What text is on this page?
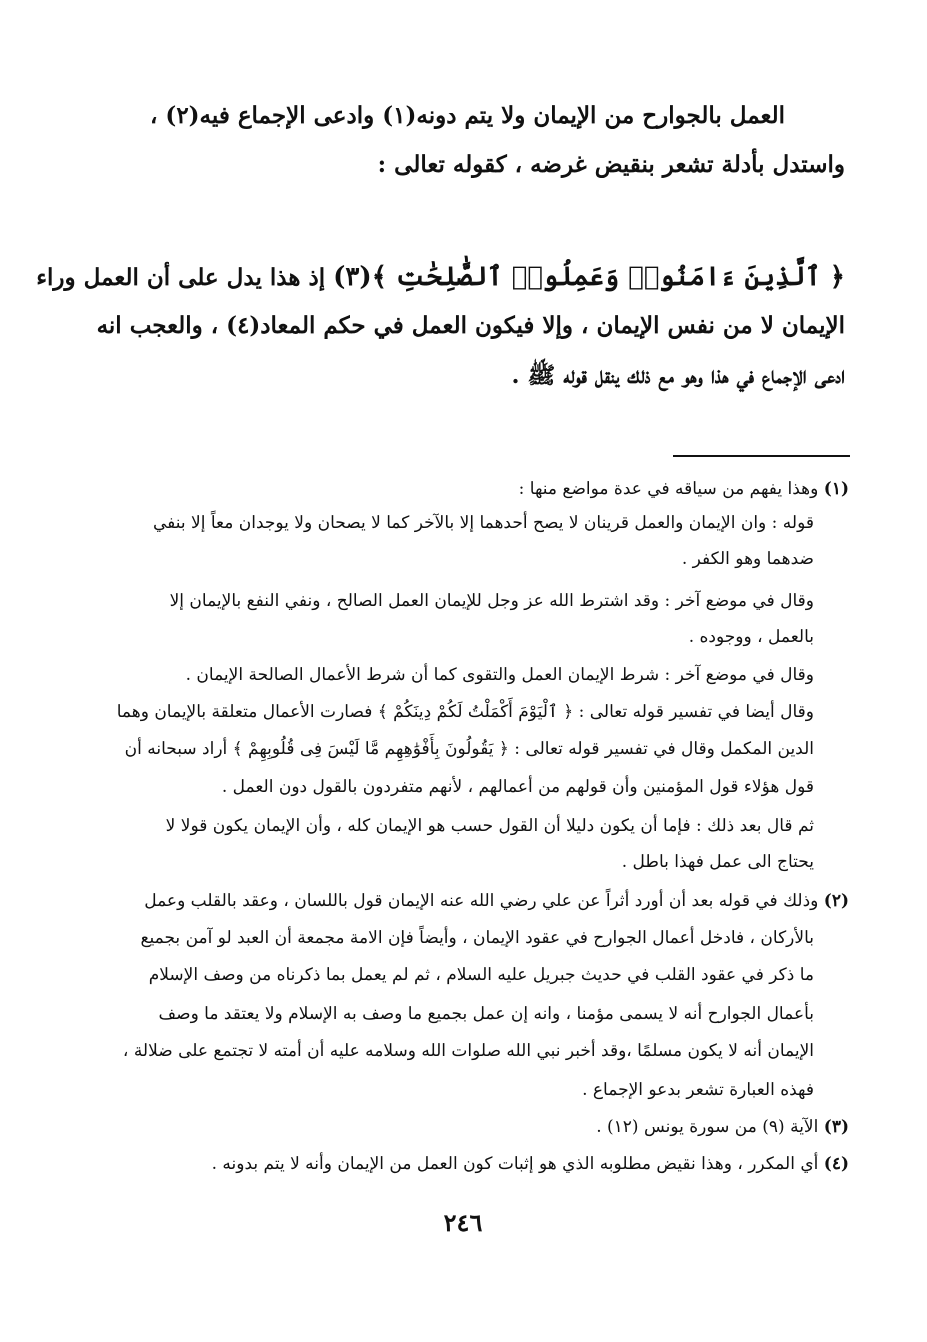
العمل بالجوارح من الإيمان ولا يتم دونه(١) وادعى الإجماع فيه(٢) ،
واستدل بأدلة تشعر بنقيض غرضه ، كقوله تعالى :
﴿ ٱلَّذِينَ ءَامَنُوا۟ وَعَمِلُوا۟ ٱلصَّٰلِحَٰتِ ﴾(٣) إذ هذا يدل على أن العمل وراء
الإيمان لا من نفس الإيمان ، وإلا فيكون العمل في حكم المعاد(٤) ، والعجب انه
ادعى الإجماع في هذا وهو مع ذلك ينقل قوله ﷺ .
(١) وهذا يفهم من سياقه في عدة مواضع منها :
قوله : وان الإيمان والعمل قرينان لا يصح أحدهما إلا بالآخر كما لا يصحان ولا يوجدان معاً إلا بنفي
ضدهما وهو الكفر .
وقال في موضع آخر : وقد اشترط الله عز وجل للإيمان العمل الصالح ، ونفي النفع بالإيمان إلا
بالعمل ، ووجوده .
وقال في موضع آخر : شرط الإيمان العمل والتقوى كما أن شرط الأعمال الصالحة الإيمان .
وقال أيضا في تفسير قوله تعالى : ﴿ ٱلْيَوْمَ أَكْمَلْتُ لَكُمْ دِينَكُمْ ﴾ فصارت الأعمال متعلقة بالإيمان وهما
الدين المكمل وقال في تفسير قوله تعالى : ﴿ يَقُولُونَ بِأَفْوَٰهِهِم مَّا لَيْسَ فِى قُلُوبِهِمْ ﴾ أراد سبحانه أن
قول هؤلاء قول المؤمنين وأن قولهم من أعمالهم ، لأنهم متفردون بالقول دون العمل .
ثم قال بعد ذلك : فإما أن يكون دليلا أن القول حسب هو الإيمان كله ، وأن الإيمان يكون قولا لا
يحتاج الى عمل فهذا باطل .
(٢) وذلك في قوله بعد أن أورد أثراً عن علي رضي الله عنه الإيمان قول باللسان ، وعقد بالقلب وعمل
بالأركان ، فادخل أعمال الجوارح في عقود الإيمان ، وأيضاً فإن الامة مجمعة أن العبد لو آمن بجميع
ما ذكر في عقود القلب في حديث جبريل عليه السلام ، ثم لم يعمل بما ذكرناه من وصف الإسلام
بأعمال الجوارح أنه لا يسمى مؤمنا ، وانه إن عمل بجميع ما وصف به الإسلام ولا يعتقد ما وصف
الإيمان أنه لا يكون مسلمًا ،وقد أخبر نبي الله صلوات الله وسلامه عليه أن أمته لا تجتمع على ضلالة ،
فهذه العبارة تشعر بدعو الإجماع .
(٣) الآية (٩) من سورة يونس (١٢) .
(٤) أي المكرر ، وهذا نقيض مطلوبه الذي هو إثبات كون العمل من الإيمان وأنه لا يتم بدونه .
٢٤٦
